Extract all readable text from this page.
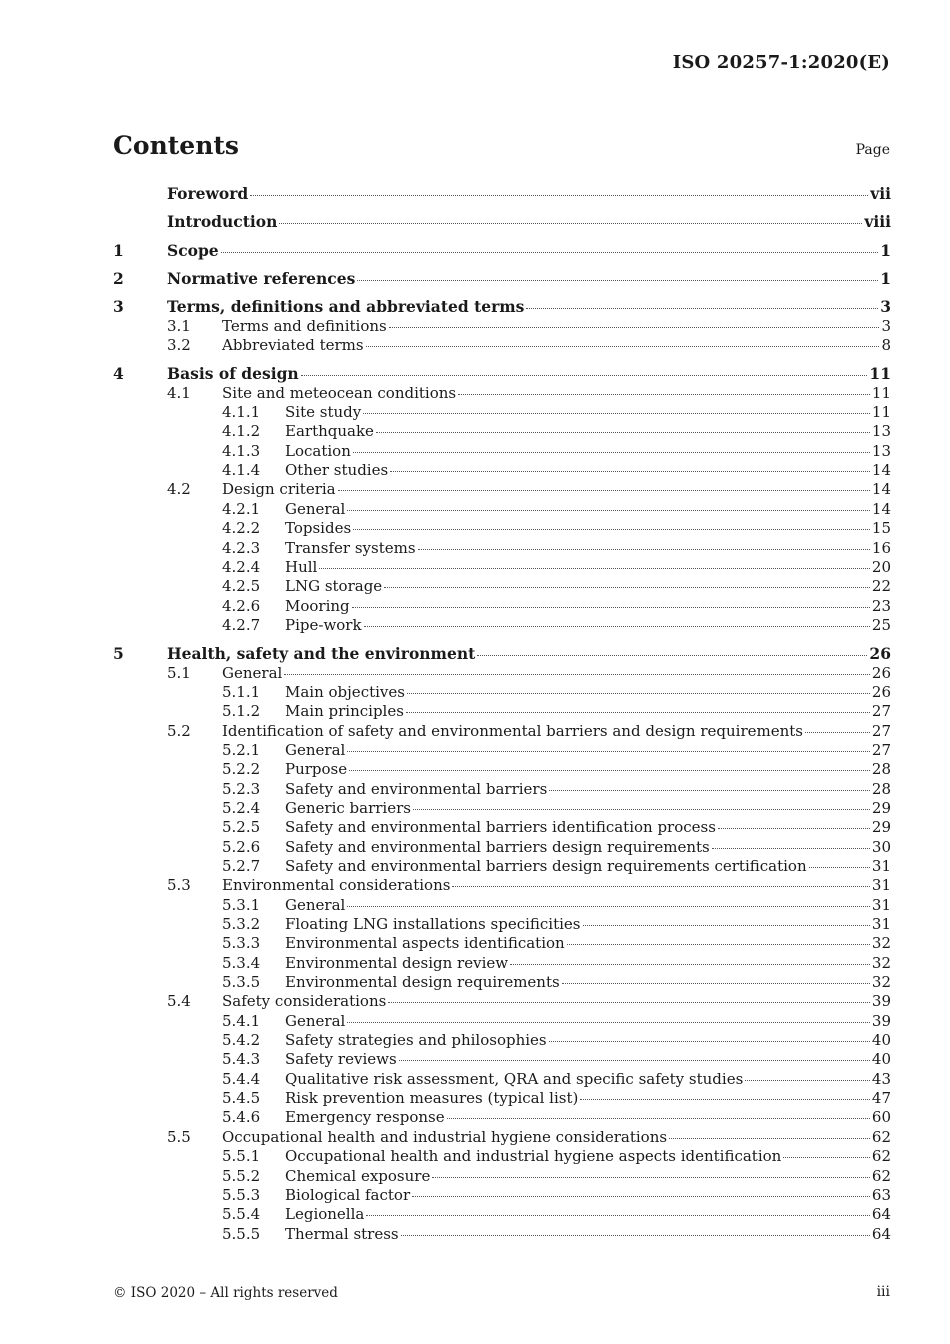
ISO 20257-1:2020(E)
Contents	Page
Foreword	vii
Introduction	viii
1	Scope	1
2	Normative references	1
3	Terms, definitions and abbreviated terms	3
3.1	Terms and definitions	3
3.2	Abbreviated terms	8
4	Basis of design	11
4.1	Site and meteocean conditions	11
4.1.1	Site study	11
4.1.2	Earthquake	13
4.1.3	Location	13
4.1.4	Other studies	14
4.2	Design criteria	14
4.2.1	General	14
4.2.2	Topsides	15
4.2.3	Transfer systems	16
4.2.4	Hull	20
4.2.5	LNG storage	22
4.2.6	Mooring	23
4.2.7	Pipe-work	25
5	Health, safety and the environment	26
5.1	General	26
5.1.1	Main objectives	26
5.1.2	Main principles	27
5.2	Identification of safety and environmental barriers and design requirements	27
5.2.1	General	27
5.2.2	Purpose	28
5.2.3	Safety and environmental barriers	28
5.2.4	Generic barriers	29
5.2.5	Safety and environmental barriers identification process	29
5.2.6	Safety and environmental barriers design requirements	30
5.2.7	Safety and environmental barriers design requirements certification	31
5.3	Environmental considerations	31
5.3.1	General	31
5.3.2	Floating LNG installations specificities	31
5.3.3	Environmental aspects identification	32
5.3.4	Environmental design review	32
5.3.5	Environmental design requirements	32
5.4	Safety considerations	39
5.4.1	General	39
5.4.2	Safety strategies and philosophies	40
5.4.3	Safety reviews	40
5.4.4	Qualitative risk assessment, QRA and specific safety studies	43
5.4.5	Risk prevention measures (typical list)	47
5.4.6	Emergency response	60
5.5	Occupational health and industrial hygiene considerations	62
5.5.1	Occupational health and industrial hygiene aspects identification	62
5.5.2	Chemical exposure	62
5.5.3	Biological factor	63
5.5.4	Legionella	64
5.5.5	Thermal stress	64
© ISO 2020 – All rights reserved	iii
